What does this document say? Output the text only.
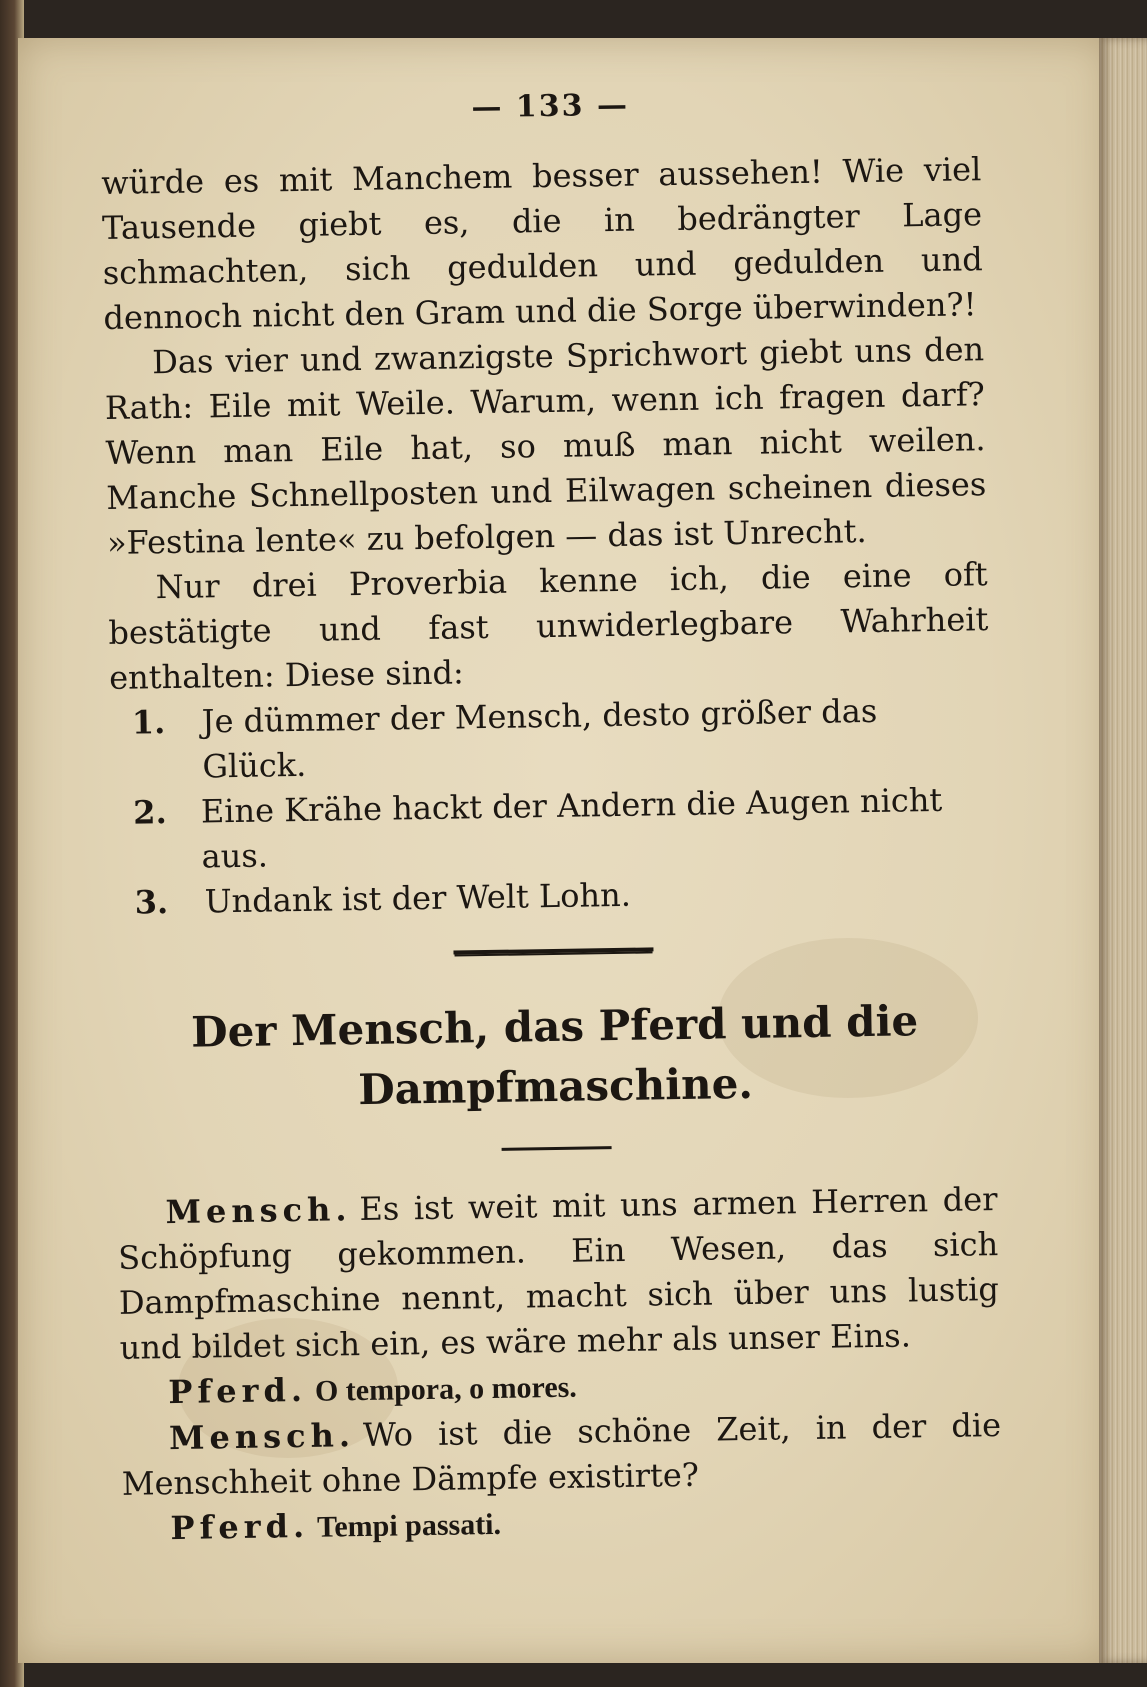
— 133 —

würde es mit Manchem besser aussehen! Wie viel Tausende giebt es, die in bedrängter Lage schmachten, sich gedulden und gedulden und dennoch nicht den Gram und die Sorge überwinden?!

Das vier und zwanzigste Sprichwort giebt uns den Rath: Eile mit Weile. Warum, wenn ich fragen darf? Wenn man Eile hat, so muß man nicht weilen. Manche Schnellposten und Eilwagen scheinen dieses »Festina lente« zu befolgen — das ist Unrecht.

Nur drei Proverbia kenne ich, die eine oft bestätigte und fast unwiderlegbare Wahrheit enthalten: Diese sind:

1.	Je dümmer der Mensch, desto größer das Glück.
2.	Eine Krähe hackt der Andern die Augen nicht aus.
3.	Undank ist der Welt Lohn.
Der Mensch, das Pferd und die Dampfmaschine.

Mensch. Es ist weit mit uns armen Herren der Schöpfung gekommen. Ein Wesen, das sich Dampfmaschine nennt, macht sich über uns lustig und bildet sich ein, es wäre mehr als unser Eins.

Pferd. O tempora, o mores.

Mensch. Wo ist die schöne Zeit, in der die Menschheit ohne Dämpfe existirte?

Pferd. Tempi passati.
